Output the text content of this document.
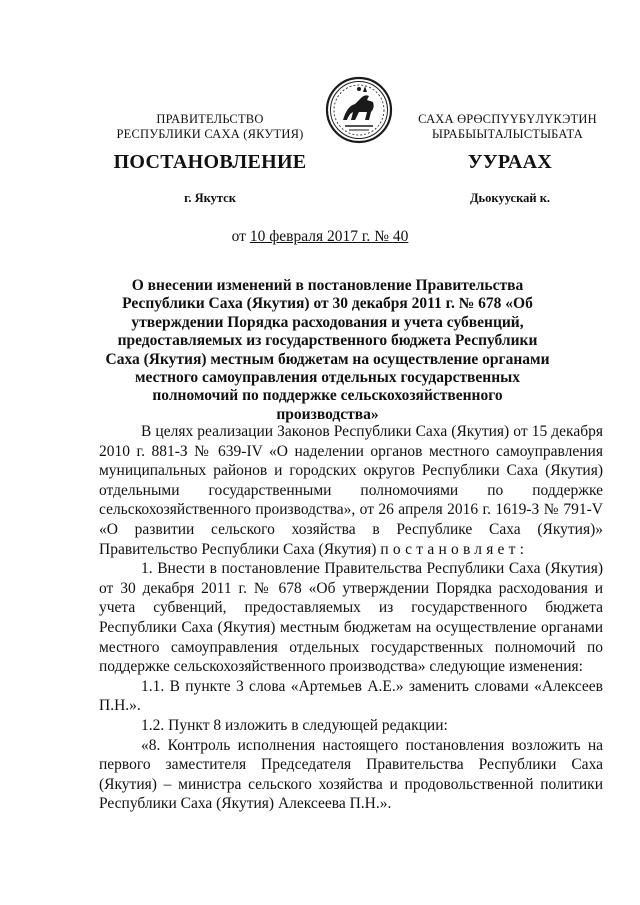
ПРАВИТЕЛЬСТВО
РЕСПУБЛИКИ САХА (ЯКУТИЯ)
САХА ӨРӨСПҮҮБҮЛҮКЭТИН
ЫРАБЫЫТАЛЫСТЫБАТА
ПОСТАНОВЛЕНИЕ	УУРААХ
г. Якутск	Дьокуускай к.
от 10 февраля 2017 г. № 40
О внесении изменений в постановление Правительства Республики Саха (Якутия) от 30 декабря 2011 г. № 678 «Об утверждении Порядка расходования и учета субвенций, предоставляемых из государственного бюджета Республики Саха (Якутия) местным бюджетам на осуществление органами местного самоуправления отдельных государственных полномочий по поддержке сельскохозяйственного производства»

В целях реализации Законов Республики Саха (Якутия) от 15 декабря 2010 г. 881-З № 639-IV «О наделении органов местного самоуправления муниципальных районов и городских округов Республики Саха (Якутия) отдельными государственными полномочиями по поддержке сельскохозяйственного производства», от 26 апреля 2016 г. 1619-З № 791-V «О развитии сельского хозяйства в Республике Саха (Якутия)» Правительство Республики Саха (Якутия) постановляет:

1. Внести в постановление Правительства Республики Саха (Якутия) от 30 декабря 2011 г. № 678 «Об утверждении Порядка расходования и учета субвенций, предоставляемых из государственного бюджета Республики Саха (Якутия) местным бюджетам на осуществление органами местного самоуправления отдельных государственных полномочий по поддержке сельскохозяйственного производства» следующие изменения:

1.1. В пункте 3 слова «Артемьев А.Е.» заменить словами «Алексеев П.Н.».

1.2. Пункт 8 изложить в следующей редакции:

«8. Контроль исполнения настоящего постановления возложить на первого заместителя Председателя Правительства Республики Саха (Якутия) – министра сельского хозяйства и продовольственной политики Республики Саха (Якутия) Алексеева П.Н.».
